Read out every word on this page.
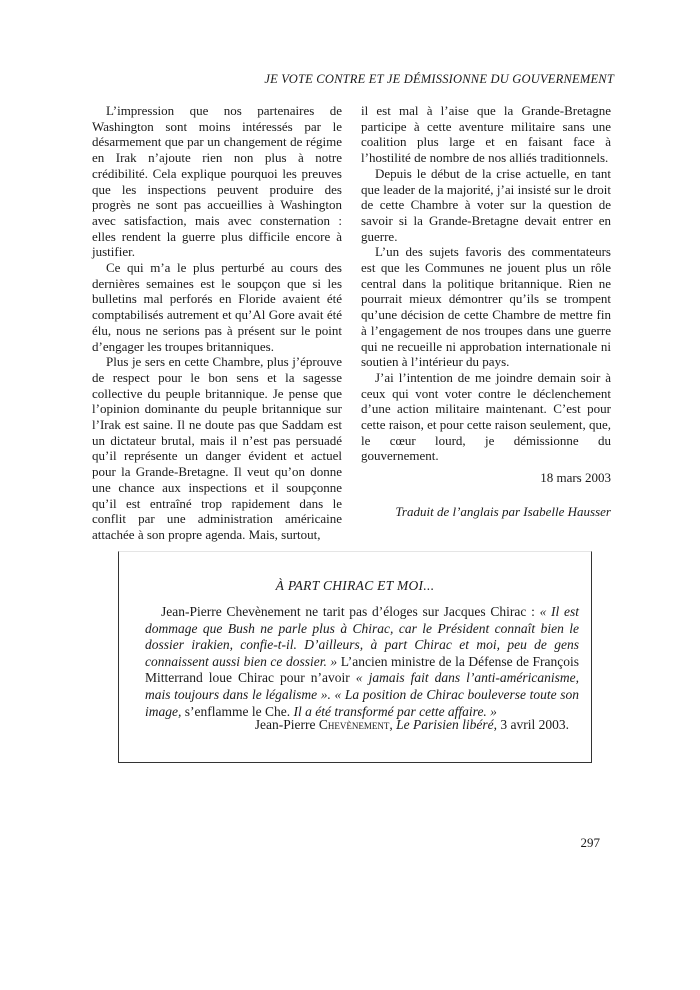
JE VOTE CONTRE ET JE DÉMISSIONNE DU GOUVERNEMENT

L’impression que nos partenaires de Washington sont moins intéressés par le désarmement que par un changement de régime en Irak n’ajoute rien non plus à notre crédibilité. Cela explique pourquoi les preuves que les inspections peuvent produire des progrès ne sont pas accueillies à Washington avec satisfaction, mais avec consternation : elles rendent la guerre plus difficile encore à justifier.

Ce qui m’a le plus perturbé au cours des dernières semaines est le soupçon que si les bulletins mal perforés en Floride avaient été comptabilisés autrement et qu’Al Gore avait été élu, nous ne serions pas à présent sur le point d’engager les troupes britanniques.

Plus je sers en cette Chambre, plus j’éprouve de respect pour le bon sens et la sagesse collective du peuple britannique. Je pense que l’opinion dominante du peuple britannique sur l’Irak est saine. Il ne doute pas que Saddam est un dictateur brutal, mais il n’est pas persuadé qu’il représente un danger évident et actuel pour la Grande-Bretagne. Il veut qu’on donne une chance aux inspections et il soupçonne qu’il est entraîné trop rapidement dans le conflit par une administration américaine attachée à son propre agenda. Mais, surtout,

il est mal à l’aise que la Grande-Bretagne participe à cette aventure militaire sans une coalition plus large et en faisant face à l’hostilité de nombre de nos alliés traditionnels.

Depuis le début de la crise actuelle, en tant que leader de la majorité, j’ai insisté sur le droit de cette Chambre à voter sur la question de savoir si la Grande-Bretagne devait entrer en guerre.

L’un des sujets favoris des commentateurs est que les Communes ne jouent plus un rôle central dans la politique britannique. Rien ne pourrait mieux démontrer qu’ils se trompent qu’une décision de cette Chambre de mettre fin à l’engagement de nos troupes dans une guerre qui ne recueille ni approbation internationale ni soutien à l’intérieur du pays.

J’ai l’intention de me joindre demain soir à ceux qui vont voter contre le déclenchement d’une action militaire maintenant. C’est pour cette raison, et pour cette raison seulement, que, le cœur lourd, je démissionne du gouvernement.

18 mars 2003
Traduit de l’anglais par Isabelle Hausser
À PART CHIRAC ET MOI...
Jean-Pierre Chevènement ne tarit pas d’éloges sur Jacques Chirac : « Il est dommage que Bush ne parle plus à Chirac, car le Président connaît bien le dossier irakien, confie-t-il. D’ailleurs, à part Chirac et moi, peu de gens connaissent aussi bien ce dossier. » L’ancien ministre de la Défense de François Mitterrand loue Chirac pour n’avoir « jamais fait dans l’anti-américanisme, mais toujours dans le légalisme ». « La position de Chirac bouleverse toute son image, s’enflamme le Che. Il a été transformé par cette affaire. »
Jean-Pierre Chevènement, Le Parisien libéré, 3 avril 2003.
297
